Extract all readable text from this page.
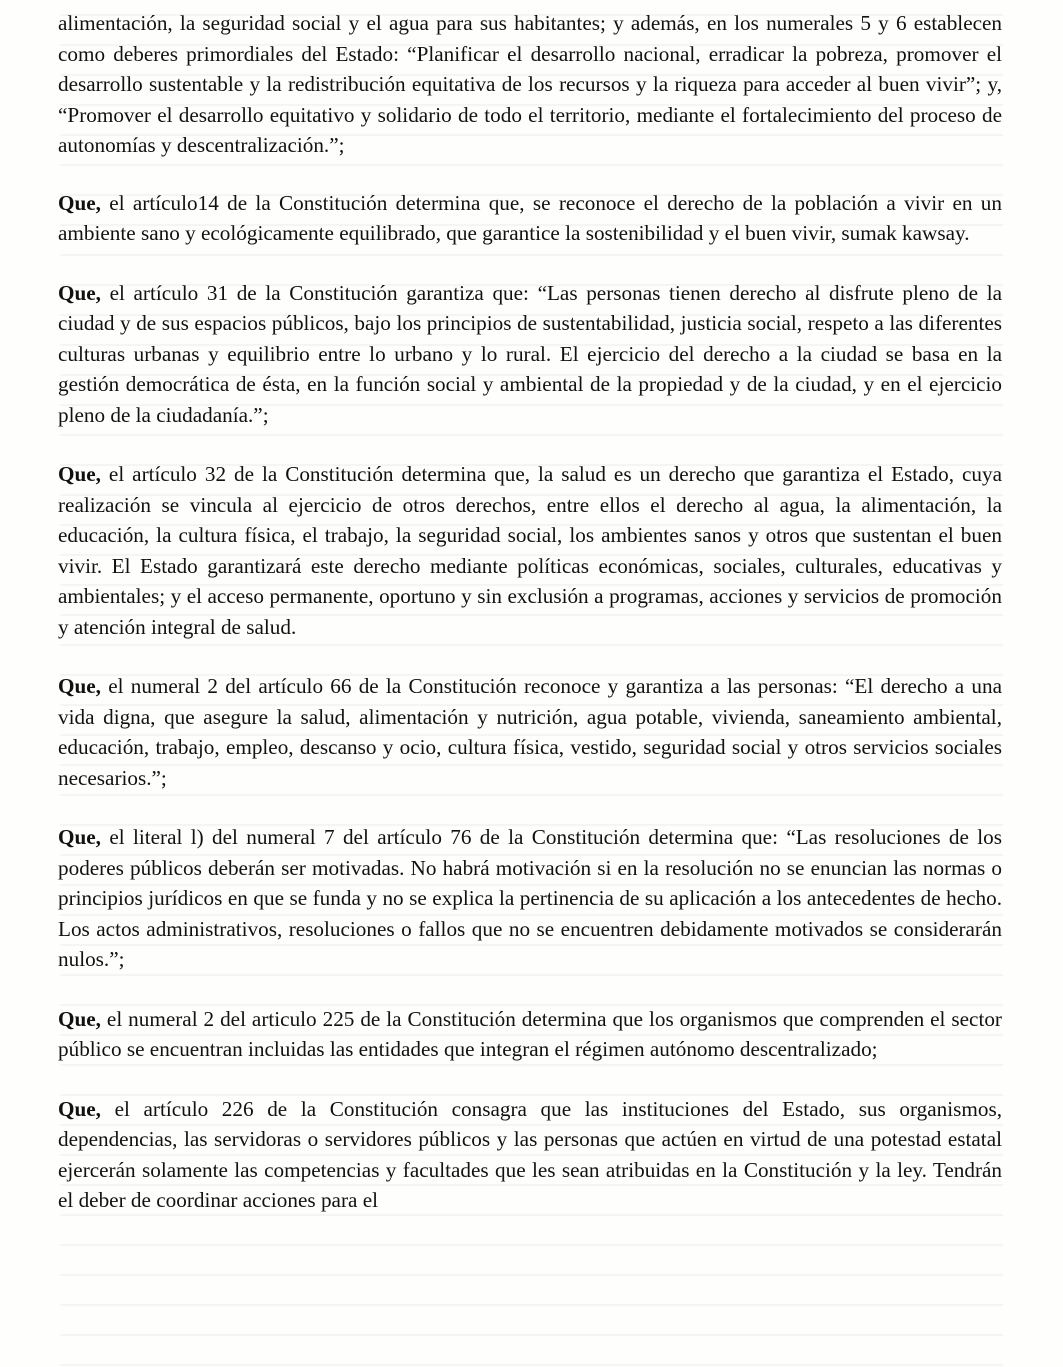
alimentación, la seguridad social y el agua para sus habitantes; y además, en los numerales 5 y 6 establecen como deberes primordiales del Estado: “Planificar el desarrollo nacional, erradicar la pobreza, promover el desarrollo sustentable y la redistribución equitativa de los recursos y la riqueza para acceder al buen vivir”; y, “Promover el desarrollo equitativo y solidario de todo el territorio, mediante el fortalecimiento del proceso de autonomías y descentralización.”;

Que, el artículo14 de la Constitución determina que, se reconoce el derecho de la población a vivir en un ambiente sano y ecológicamente equilibrado, que garantice la sostenibilidad y el buen vivir, sumak kawsay.

Que, el artículo 31 de la Constitución garantiza que: “Las personas tienen derecho al disfrute pleno de la ciudad y de sus espacios públicos, bajo los principios de sustentabilidad, justicia social, respeto a las diferentes culturas urbanas y equilibrio entre lo urbano y lo rural. El ejercicio del derecho a la ciudad se basa en la gestión democrática de ésta, en la función social y ambiental de la propiedad y de la ciudad, y en el ejercicio pleno de la ciudadanía.”;

Que, el artículo 32 de la Constitución determina que, la salud es un derecho que garantiza el Estado, cuya realización se vincula al ejercicio de otros derechos, entre ellos el derecho al agua, la alimentación, la educación, la cultura física, el trabajo, la seguridad social, los ambientes sanos y otros que sustentan el buen vivir. El Estado garantizará este derecho mediante políticas económicas, sociales, culturales, educativas y ambientales; y el acceso permanente, oportuno y sin exclusión a programas, acciones y servicios de promoción y atención integral de salud.

Que, el numeral 2 del artículo 66 de la Constitución reconoce y garantiza a las personas: “El derecho a una vida digna, que asegure la salud, alimentación y nutrición, agua potable, vivienda, saneamiento ambiental, educación, trabajo, empleo, descanso y ocio, cultura física, vestido, seguridad social y otros servicios sociales necesarios.”;

Que, el literal l) del numeral 7 del artículo 76 de la Constitución determina que: “Las resoluciones de los poderes públicos deberán ser motivadas. No habrá motivación si en la resolución no se enuncian las normas o principios jurídicos en que se funda y no se explica la pertinencia de su aplicación a los antecedentes de hecho. Los actos administrativos, resoluciones o fallos que no se encuentren debidamente motivados se considerarán nulos.”;

Que, el numeral 2 del articulo 225 de la Constitución determina que los organismos que comprenden el sector público se encuentran incluidas las entidades que integran el régimen autónomo descentralizado;

Que, el artículo 226 de la Constitución consagra que las instituciones del Estado, sus organismos, dependencias, las servidoras o servidores públicos y las personas que actúen en virtud de una potestad estatal ejercerán solamente las competencias y facultades que les sean atribuidas en la Constitución y la ley. Tendrán el deber de coordinar acciones para el
